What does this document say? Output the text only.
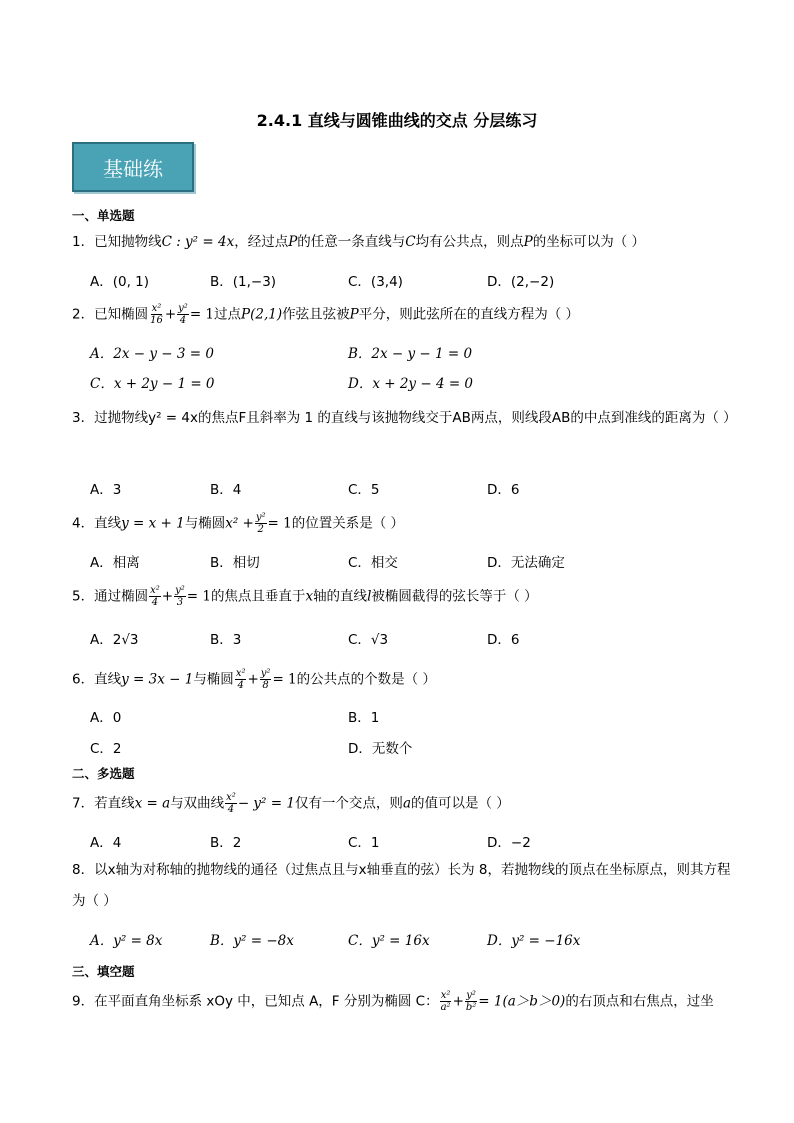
2.4.1 直线与圆锥曲线的交点 分层练习
基础练
一、单选题
1．已知抛物线C : y² = 4x，经过点P的任意一条直线与C均有公共点，则点P的坐标可以为（ ）
A．(0, 1)	B．(1,−3)	C．(3,4)	D．(2,−2)
2．已知椭圆 $\frac{\text{x²}}{16} + \frac{\text{y²}}{4} = 1$过点P(2,1)作弦且弦被P平分，则此弦所在的直线方程为（ ）
A．2x − y − 3 = 0	B．2x − y − 1 = 0
C．x + 2y − 1 = 0	D．x + 2y − 4 = 0
3．过抛物线y² = 4x的焦点F且斜率为 1 的直线与该抛物线交于AB两点，则线段AB的中点到准线的距离为（ ）
A．3	B．4	C．5	D．6
4．直线y = x + 1与椭圆$x^2 + \frac{\text{y²}}{2} = 1$的位置关系是（ ）
A．相离	B．相切	C．相交	D．无法确定
5．通过椭圆 $\frac{\text{x²}}{4} + \frac{\text{y²}}{3} = 1$的焦点且垂直于x轴的直线l被椭圆截得的弦长等于（ ）
A．2√3	B．3	C．√3	D．6
6．直线y = 3x − 1与椭圆 $\frac{\text{x²}}{4} + \frac{\text{y²}}{8} = 1$的公共点的个数是（ ）
A．0	B．1
C．2	D．无数个
二、多选题
7．若直线x = a与双曲线 $\frac{\text{x²}}{4} - y^2 = 1$仅有一个交点，则a的值可以是（ ）
A．4	B．2	C．1	D．−2
8．以x轴为对称轴的抛物线的通径（过焦点且与x轴垂直的弦）长为 8，若抛物线的顶点在坐标原点，则其方程为（ ）
A．y² = 8x	B．y² = −8x	C．y² = 16x	D．y² = −16x
三、填空题
9．在平面直角坐标系 xOy 中，已知点 A，F 分别为椭圆 C： $\frac{\text{x²}}{\text{a²}} + \frac{\text{y²}}{\text{b²}} = 1(a>b>0)$的右顶点和右焦点，过坐
